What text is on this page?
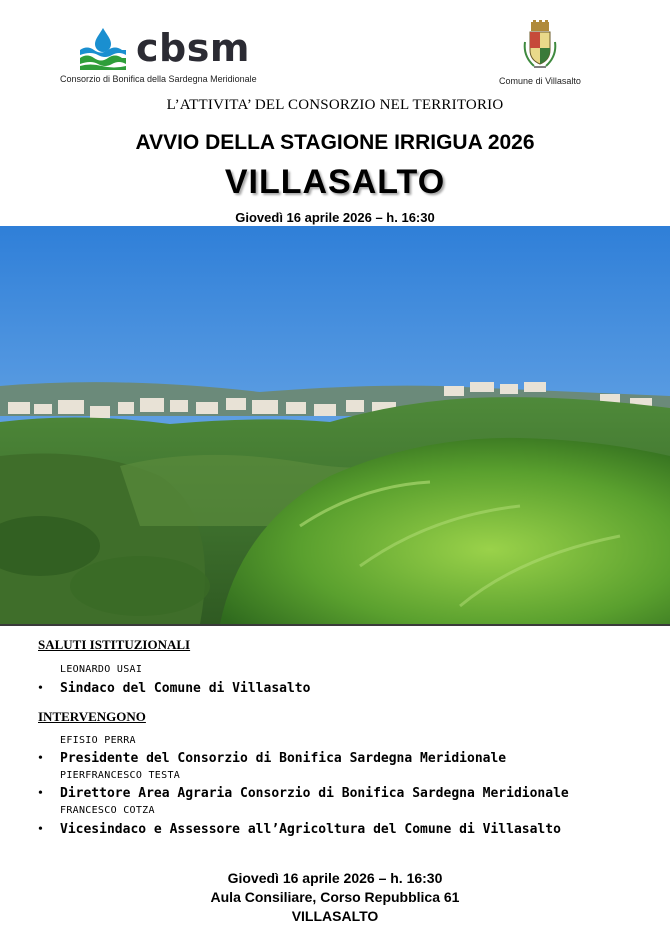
cbsm
Consorzio di Bonifica della Sardegna Meridionale	Comune di Villasalto
L’ATTIVITA’ DEL CONSORZIO NEL TERRITORIO
AVVIO DELLA STAGIONE IRRIGUA 2026
VILLASALTO
Giovedì 16 aprile 2026 – h. 16:30
SALUTI ISTITUZIONALI
LEONARDO USAI
• Sindaco del Comune di Villasalto
INTERVENGONO
EFISIO PERRA
• Presidente del Consorzio di Bonifica Sardegna Meridionale
PIERFRANCESCO TESTA
• Direttore Area Agraria Consorzio di Bonifica Sardegna Meridionale
FRANCESCO COTZA
• Vicesindaco e Assessore all’Agricoltura del Comune di Villasalto
Giovedì 16 aprile 2026 – h. 16:30
Aula Consiliare, Corso Repubblica 61
VILLASALTO
